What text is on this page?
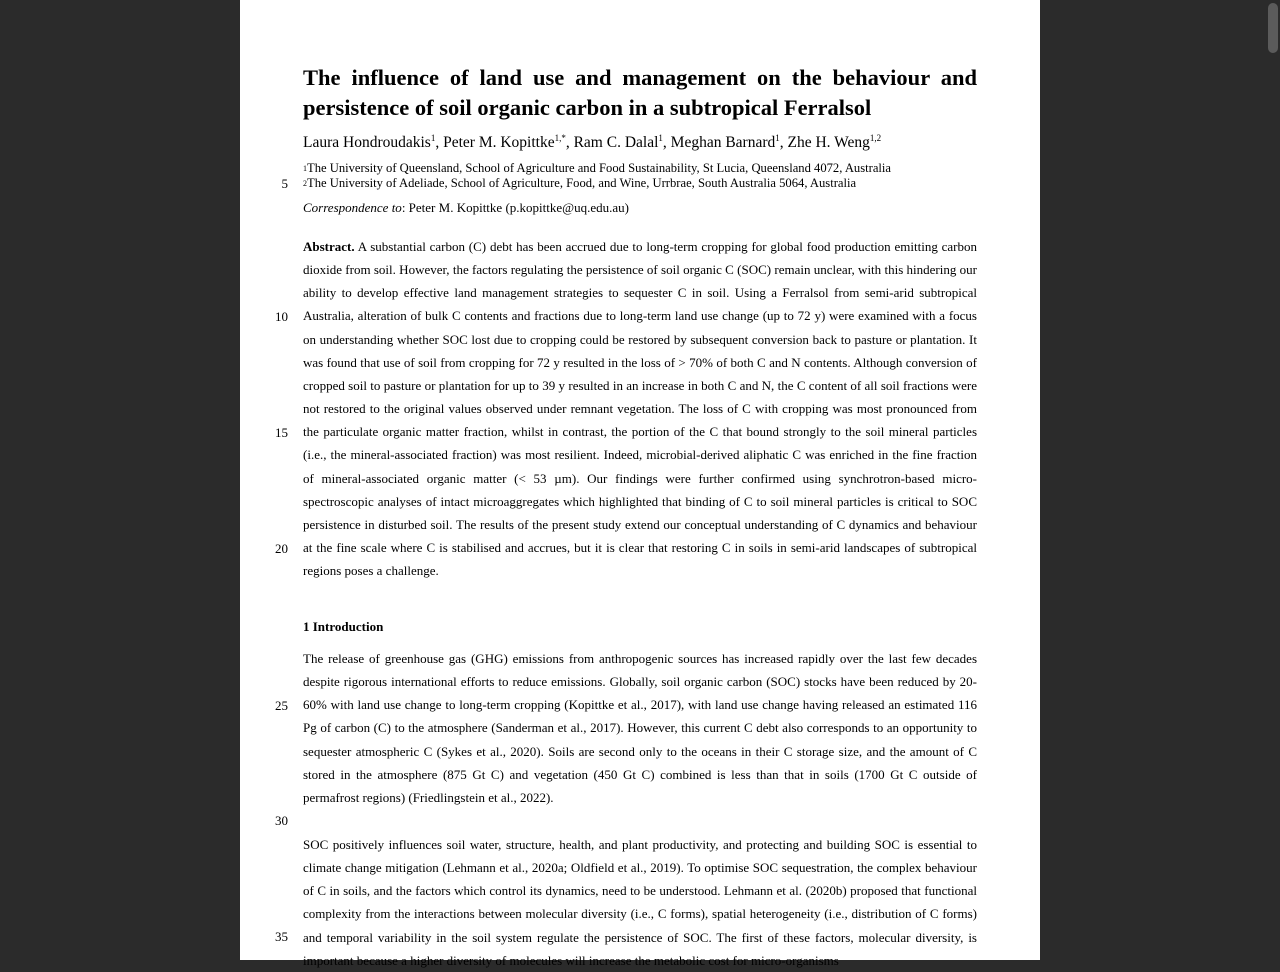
The influence of land use and management on the behaviour and persistence of soil organic carbon in a subtropical Ferralsol
Laura Hondroudakis$^1$, Peter M. Kopittke$^{1,*}$, Ram C. Dalal$^1$, Meghan Barnard$^1$, Zhe H. Weng$^{1,2}$
$^1$The University of Queensland, School of Agriculture and Food Sustainability, St Lucia, Queensland 4072, Australia
$^2$The University of Adeliade, School of Agriculture, Food, and Wine, Urrbrae, South Australia 5064, Australia
Correspondence to: Peter M. Kopittke (p.kopittke@uq.edu.au)
Abstract. A substantial carbon (C) debt has been accrued due to long-term cropping for global food production emitting carbon dioxide from soil. However, the factors regulating the persistence of soil organic C (SOC) remain unclear, with this hindering our ability to develop effective land management strategies to sequester C in soil. Using a Ferralsol from semi-arid subtropical Australia, alteration of bulk C contents and fractions due to long-term land use change (up to 72 y) were examined with a focus on understanding whether SOC lost due to cropping could be restored by subsequent conversion back to pasture or plantation. It was found that use of soil from cropping for 72 y resulted in the loss of > 70% of both C and N contents. Although conversion of cropped soil to pasture or plantation for up to 39 y resulted in an increase in both C and N, the C content of all soil fractions were not restored to the original values observed under remnant vegetation. The loss of C with cropping was most pronounced from the particulate organic matter fraction, whilst in contrast, the portion of the C that bound strongly to the soil mineral particles (i.e., the mineral-associated fraction) was most resilient. Indeed, microbial-derived aliphatic C was enriched in the fine fraction of mineral-associated organic matter (< 53 µm). Our findings were further confirmed using synchrotron-based micro-spectroscopic analyses of intact microaggregates which highlighted that binding of C to soil mineral particles is critical to SOC persistence in disturbed soil. The results of the present study extend our conceptual understanding of C dynamics and behaviour at the fine scale where C is stabilised and accrues, but it is clear that restoring C in soils in semi-arid landscapes of subtropical regions poses a challenge.
1 Introduction
The release of greenhouse gas (GHG) emissions from anthropogenic sources has increased rapidly over the last few decades despite rigorous international efforts to reduce emissions. Globally, soil organic carbon (SOC) stocks have been reduced by 20-60% with land use change to long-term cropping (Kopittke et al., 2017), with land use change having released an estimated 116 Pg of carbon (C) to the atmosphere (Sanderman et al., 2017). However, this current C debt also corresponds to an opportunity to sequester atmospheric C (Sykes et al., 2020). Soils are second only to the oceans in their C storage size, and the amount of C stored in the atmosphere (875 Gt C) and vegetation (450 Gt C) combined is less than that in soils (1700 Gt C outside of permafrost regions) (Friedlingstein et al., 2022).
SOC positively influences soil water, structure, health, and plant productivity, and protecting and building SOC is essential to climate change mitigation (Lehmann et al., 2020a; Oldfield et al., 2019). To optimise SOC sequestration, the complex behaviour of C in soils, and the factors which control its dynamics, need to be understood. Lehmann et al. (2020b) proposed that functional complexity from the interactions between molecular diversity (i.e., C forms), spatial heterogeneity (i.e., distribution of C forms) and temporal variability in the soil system regulate the persistence of SOC. The first of these factors, molecular diversity, is important because a higher diversity of molecules will increase the metabolic cost for micro-organisms
5
10
15
20
25
30
35
